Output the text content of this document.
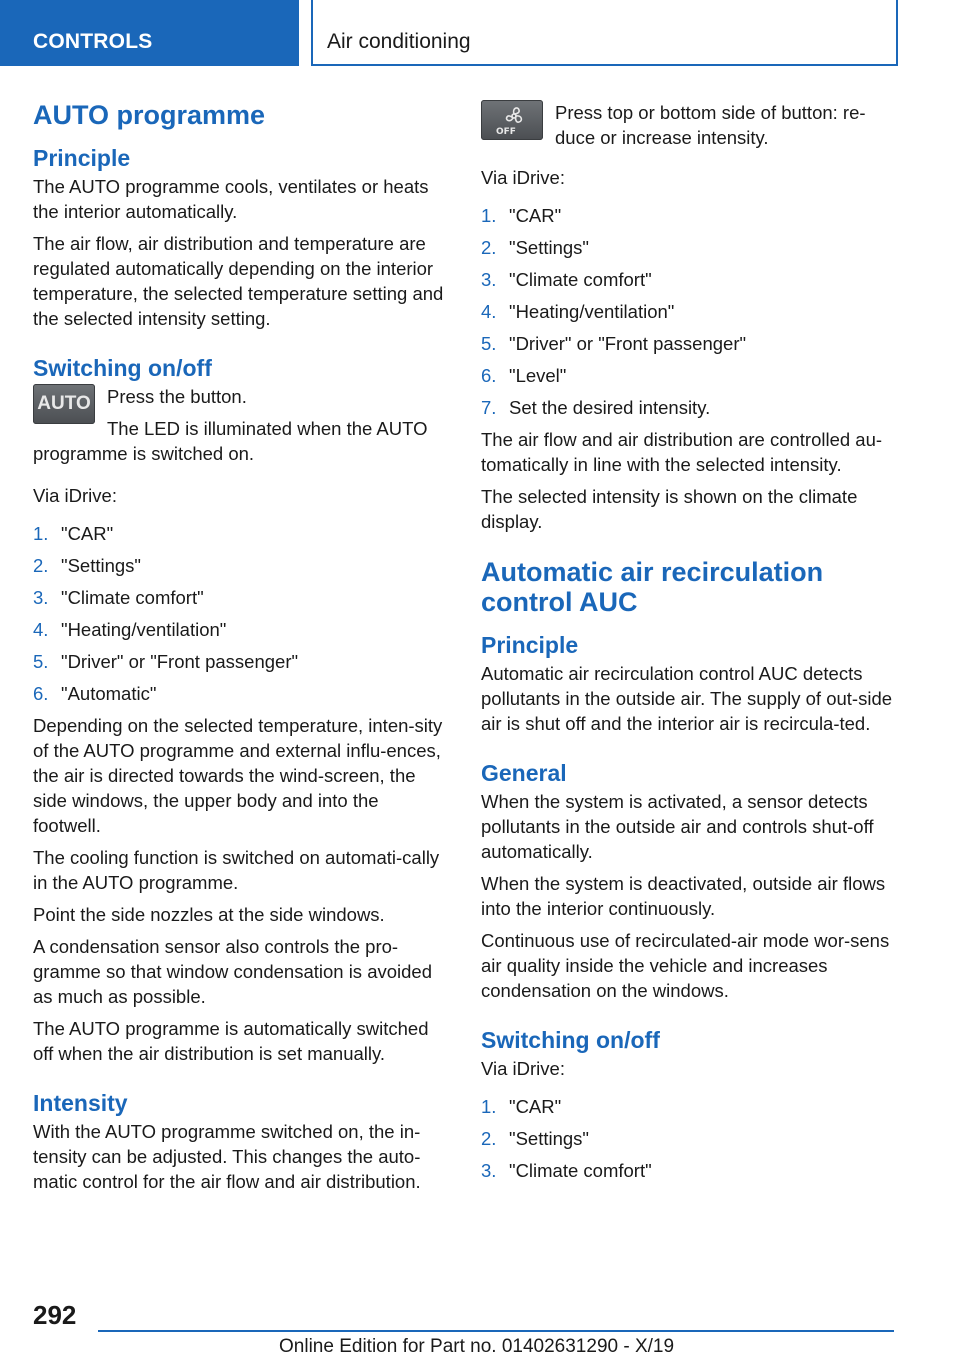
CONTROLS	Air conditioning
AUTO programme
Principle

The AUTO programme cools, ventilates or heats the interior automatically.

The air flow, air distribution and temperature are regulated automatically depending on the interior temperature, the selected temperature setting and the selected intensity setting.

Switching on/off
AUTO Press the button.

The LED is illuminated when the AUTO programme is switched on.

Via iDrive:

1. "CAR"
2. "Settings"
3. "Climate comfort"
4. "Heating/ventilation"
5. "Driver" or "Front passenger"
6. "Automatic"

Depending on the selected temperature, inten-sity of the AUTO programme and external influ-ences, the air is directed towards the wind-screen, the side windows, the upper body and into the footwell.

The cooling function is switched on automati-cally in the AUTO programme.

Point the side nozzles at the side windows.

A condensation sensor also controls the pro-gramme so that window condensation is avoided as much as possible.

The AUTO programme is automatically switched off when the air distribution is set manually.

Intensity

With the AUTO programme switched on, the in-tensity can be adjusted. This changes the auto-matic control for the air flow and air distribution.

OFF

Press top or bottom side of button: re-duce or increase intensity.

Via iDrive:

1. "CAR"
2. "Settings"
3. "Climate comfort"
4. "Heating/ventilation"
5. "Driver" or "Front passenger"
6. "Level"
7. Set the desired intensity.

The air flow and air distribution are controlled au-tomatically in line with the selected intensity.

The selected intensity is shown on the climate display.

Automatic air recirculation control AUC
Principle

Automatic air recirculation control AUC detects pollutants in the outside air. The supply of out-side air is shut off and the interior air is recircula-ted.

General

When the system is activated, a sensor detects pollutants in the outside air and controls shut-off automatically.

When the system is deactivated, outside air flows into the interior continuously.

Continuous use of recirculated-air mode wor-sens air quality inside the vehicle and increases condensation on the windows.

Switching on/off

Via iDrive:

1. "CAR"
2. "Settings"
3. "Climate comfort"
292
Online Edition for Part no. 01402631290 - X/19
